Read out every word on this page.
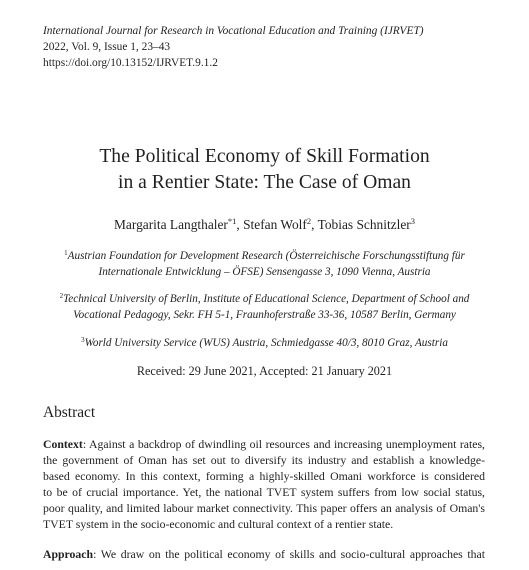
International Journal for Research in Vocational Education and Training (IJRVET)
2022, Vol. 9, Issue 1, 23–43
https://doi.org/10.13152/IJRVET.9.1.2
The Political Economy of Skill Formation
in a Rentier State: The Case of Oman
Margarita Langthaler$^{*1}$, Stefan Wolf$^2$, Tobias Schnitzler$^3$
$^1$Austrian Foundation for Development Research (Österreichische Forschungsstiftung für
Internationale Entwicklung – ÖFSE) Sensengasse 3, 1090 Vienna, Austria
$^2$Technical University of Berlin, Institute of Educational Science, Department of School and
Vocational Pedagogy, Sekr. FH 5-1, Fraunhoferstraße 33-36, 10587 Berlin, Germany
$^3$World University Service (WUS) Austria, Schmiedgasse 40/3, 8010 Graz, Austria
Received: 29 June 2021, Accepted: 21 January 2021
Abstract
Context: Against a backdrop of dwindling oil resources and increasing unemployment rates,
the government of Oman has set out to diversify its industry and establish a knowledge-
based economy. In this context, forming a highly-skilled Omani workforce is considered
to be of crucial importance. Yet, the national TVET system suffers from low social status,
poor quality, and limited labour market connectivity. This paper offers an analysis of Oman's
TVET system in the socio-economic and cultural context of a rentier state.
Approach: We draw on the political economy of skills and socio-cultural approaches that
